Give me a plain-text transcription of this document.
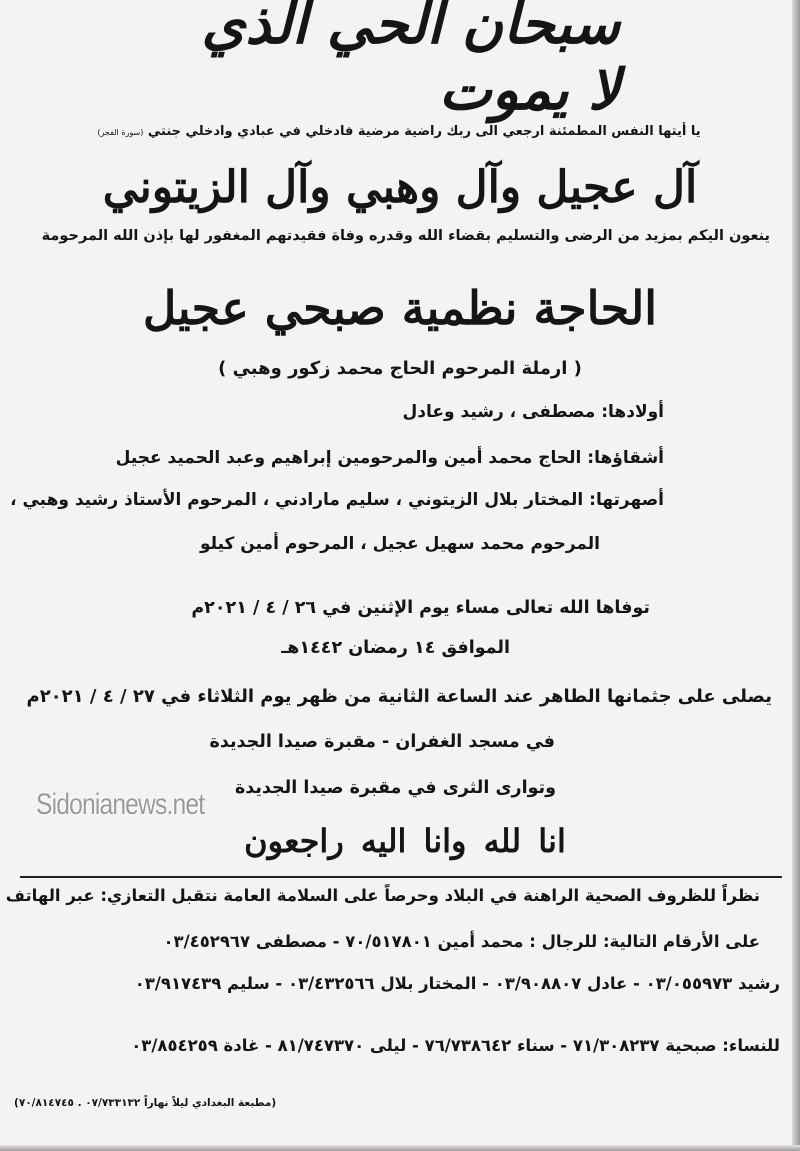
سبحان الحي الذي لا يموت
يا أيتها النفس المطمئنة ارجعي الى ربك راضية مرضية فادخلي في عبادي وادخلي جنتي (سورة الفجر)
آل عجيل وآل وهبي وآل الزيتوني
ينعون اليكم بمزيد من الرضى والتسليم بقضاء الله وقدره وفاة فقيدتهم المغفور لها بإذن الله المرحومة
الحاجة نظمية صبحي عجيل
( ارملة المرحوم الحاج محمد زكور وهبي )
أولادها: مصطفى ، رشيد وعادل
أشقاؤها: الحاج محمد أمين والمرحومين إبراهيم وعبد الحميد عجيل
أصهرتها: المختار بلال الزيتوني ، سليم مارادني ، المرحوم الأستاذ رشيد وهبي ،
المرحوم محمد سهيل عجيل ، المرحوم أمين كيلو
توفاها الله تعالى مساء يوم الإثنين في ٢٦ / ٤ / ٢٠٢١م
الموافق ١٤ رمضان ١٤٤٢هـ
يصلى على جثمانها الطاهر عند الساعة الثانية من ظهر يوم الثلاثاء في ٢٧ / ٤ / ٢٠٢١م
في مسجد الغفران - مقبرة صيدا الجديدة
وتوارى الثرى في مقبرة صيدا الجديدة
Sidonianews.net
انا لله وانا اليه راجعون
نظراً للظروف الصحية الراهنة في البلاد وحرصاً على السلامة العامة نتقبل التعازي: عبر الهاتف
على الأرقام التالية: للرجال : محمد أمين ٧٠/٥١٧٨٠١ - مصطفى ٠٣/٤٥٢٩٦٧
رشيد ٠٣/٠٥٥٩٧٣ - عادل ٠٣/٩٠٨٨٠٧ - المختار بلال ٠٣/٤٣٢٥٦٦ - سليم ٠٣/٩١٧٤٣٩
للنساء: صبحية ٧١/٣٠٨٢٣٧ - سناء ٧٦/٧٣٨٦٤٢ - ليلى ٨١/٧٤٧٣٧٠ - غادة ٠٣/٨٥٤٢٥٩
(مطبعة البغدادي ليلاً نهاراً ٠٧/٧٣٣١٣٢ . ٧٠/٨١٤٧٤٥)
